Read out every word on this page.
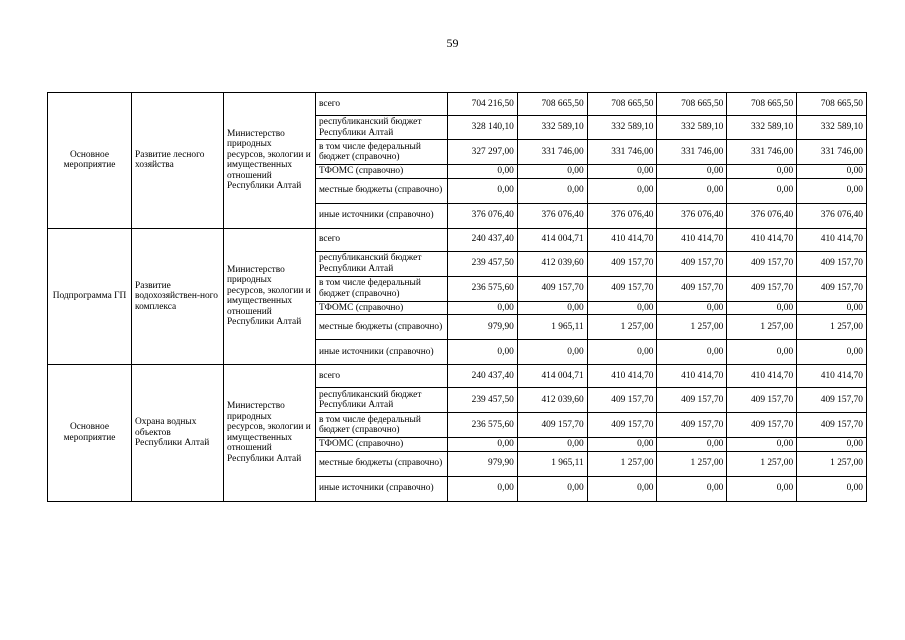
59
Основное мероприятие	Развитие лесного хозяйства	Министерство природных ресурсов, экологии и имущественных отношений Республики Алтай	всего	704 216,50	708 665,50	708 665,50	708 665,50	708 665,50	708 665,50
			республиканский бюджет Республики Алтай	328 140,10	332 589,10	332 589,10	332 589,10	332 589,10	332 589,10
			в том числе федеральный бюджет (справочно)	327 297,00	331 746,00	331 746,00	331 746,00	331 746,00	331 746,00
			ТФОМС (справочно)	0,00	0,00	0,00	0,00	0,00	0,00
			местные бюджеты (справочно)	0,00	0,00	0,00	0,00	0,00	0,00
			иные источники (справочно)	376 076,40	376 076,40	376 076,40	376 076,40	376 076,40	376 076,40
Подпрограмма ГП	Развитие водохозяйствен-ного комплекса	Министерство природных ресурсов, экологии и имущественных отношений Республики Алтай	всего	240 437,40	414 004,71	410 414,70	410 414,70	410 414,70	410 414,70
			республиканский бюджет Республики Алтай	239 457,50	412 039,60	409 157,70	409 157,70	409 157,70	409 157,70
			в том числе федеральный бюджет (справочно)	236 575,60	409 157,70	409 157,70	409 157,70	409 157,70	409 157,70
			ТФОМС (справочно)	0,00	0,00	0,00	0,00	0,00	0,00
			местные бюджеты (справочно)	979,90	1 965,11	1 257,00	1 257,00	1 257,00	1 257,00
			иные источники (справочно)	0,00	0,00	0,00	0,00	0,00	0,00
Основное мероприятие	Охрана водных объектов Республики Алтай	Министерство природных ресурсов, экологии и имущественных отношений Республики Алтай	всего	240 437,40	414 004,71	410 414,70	410 414,70	410 414,70	410 414,70
			республиканский бюджет Республики Алтай	239 457,50	412 039,60	409 157,70	409 157,70	409 157,70	409 157,70
			в том числе федеральный бюджет (справочно)	236 575,60	409 157,70	409 157,70	409 157,70	409 157,70	409 157,70
			ТФОМС (справочно)	0,00	0,00	0,00	0,00	0,00	0,00
			местные бюджеты (справочно)	979,90	1 965,11	1 257,00	1 257,00	1 257,00	1 257,00
			иные источники (справочно)	0,00	0,00	0,00	0,00	0,00	0,00
